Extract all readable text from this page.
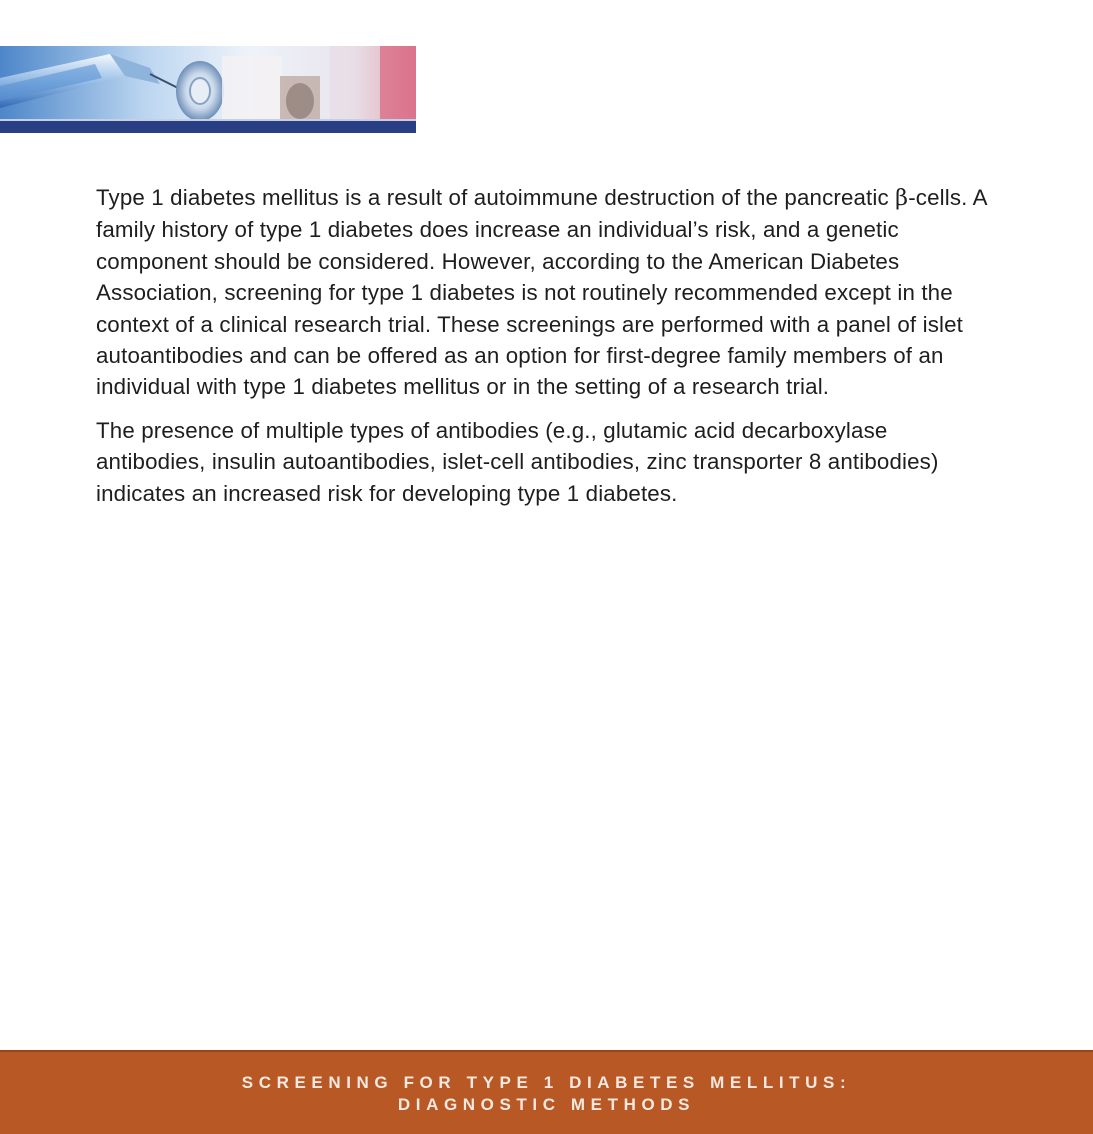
Type 1 diabetes mellitus is a result of autoimmune destruction of the pancreatic β-cells. A family history of type 1 diabetes does increase an individual’s risk, and a genetic component should be considered. However, according to the American Diabetes Association, screening for type 1 diabetes is not routinely recommended except in the context of a clinical research trial. These screenings are performed with a panel of islet autoantibodies and can be offered as an option for first-degree family members of an individual with type 1 diabetes mellitus or in the setting of a research trial.

The presence of multiple types of antibodies (e.g., glutamic acid decarboxylase antibodies, insulin autoantibodies, islet-cell antibodies, zinc transporter 8 antibodies) indicates an increased risk for developing type 1 diabetes.

SCREENING FOR TYPE 1 DIABETES MELLITUS:
DIAGNOSTIC METHODS
